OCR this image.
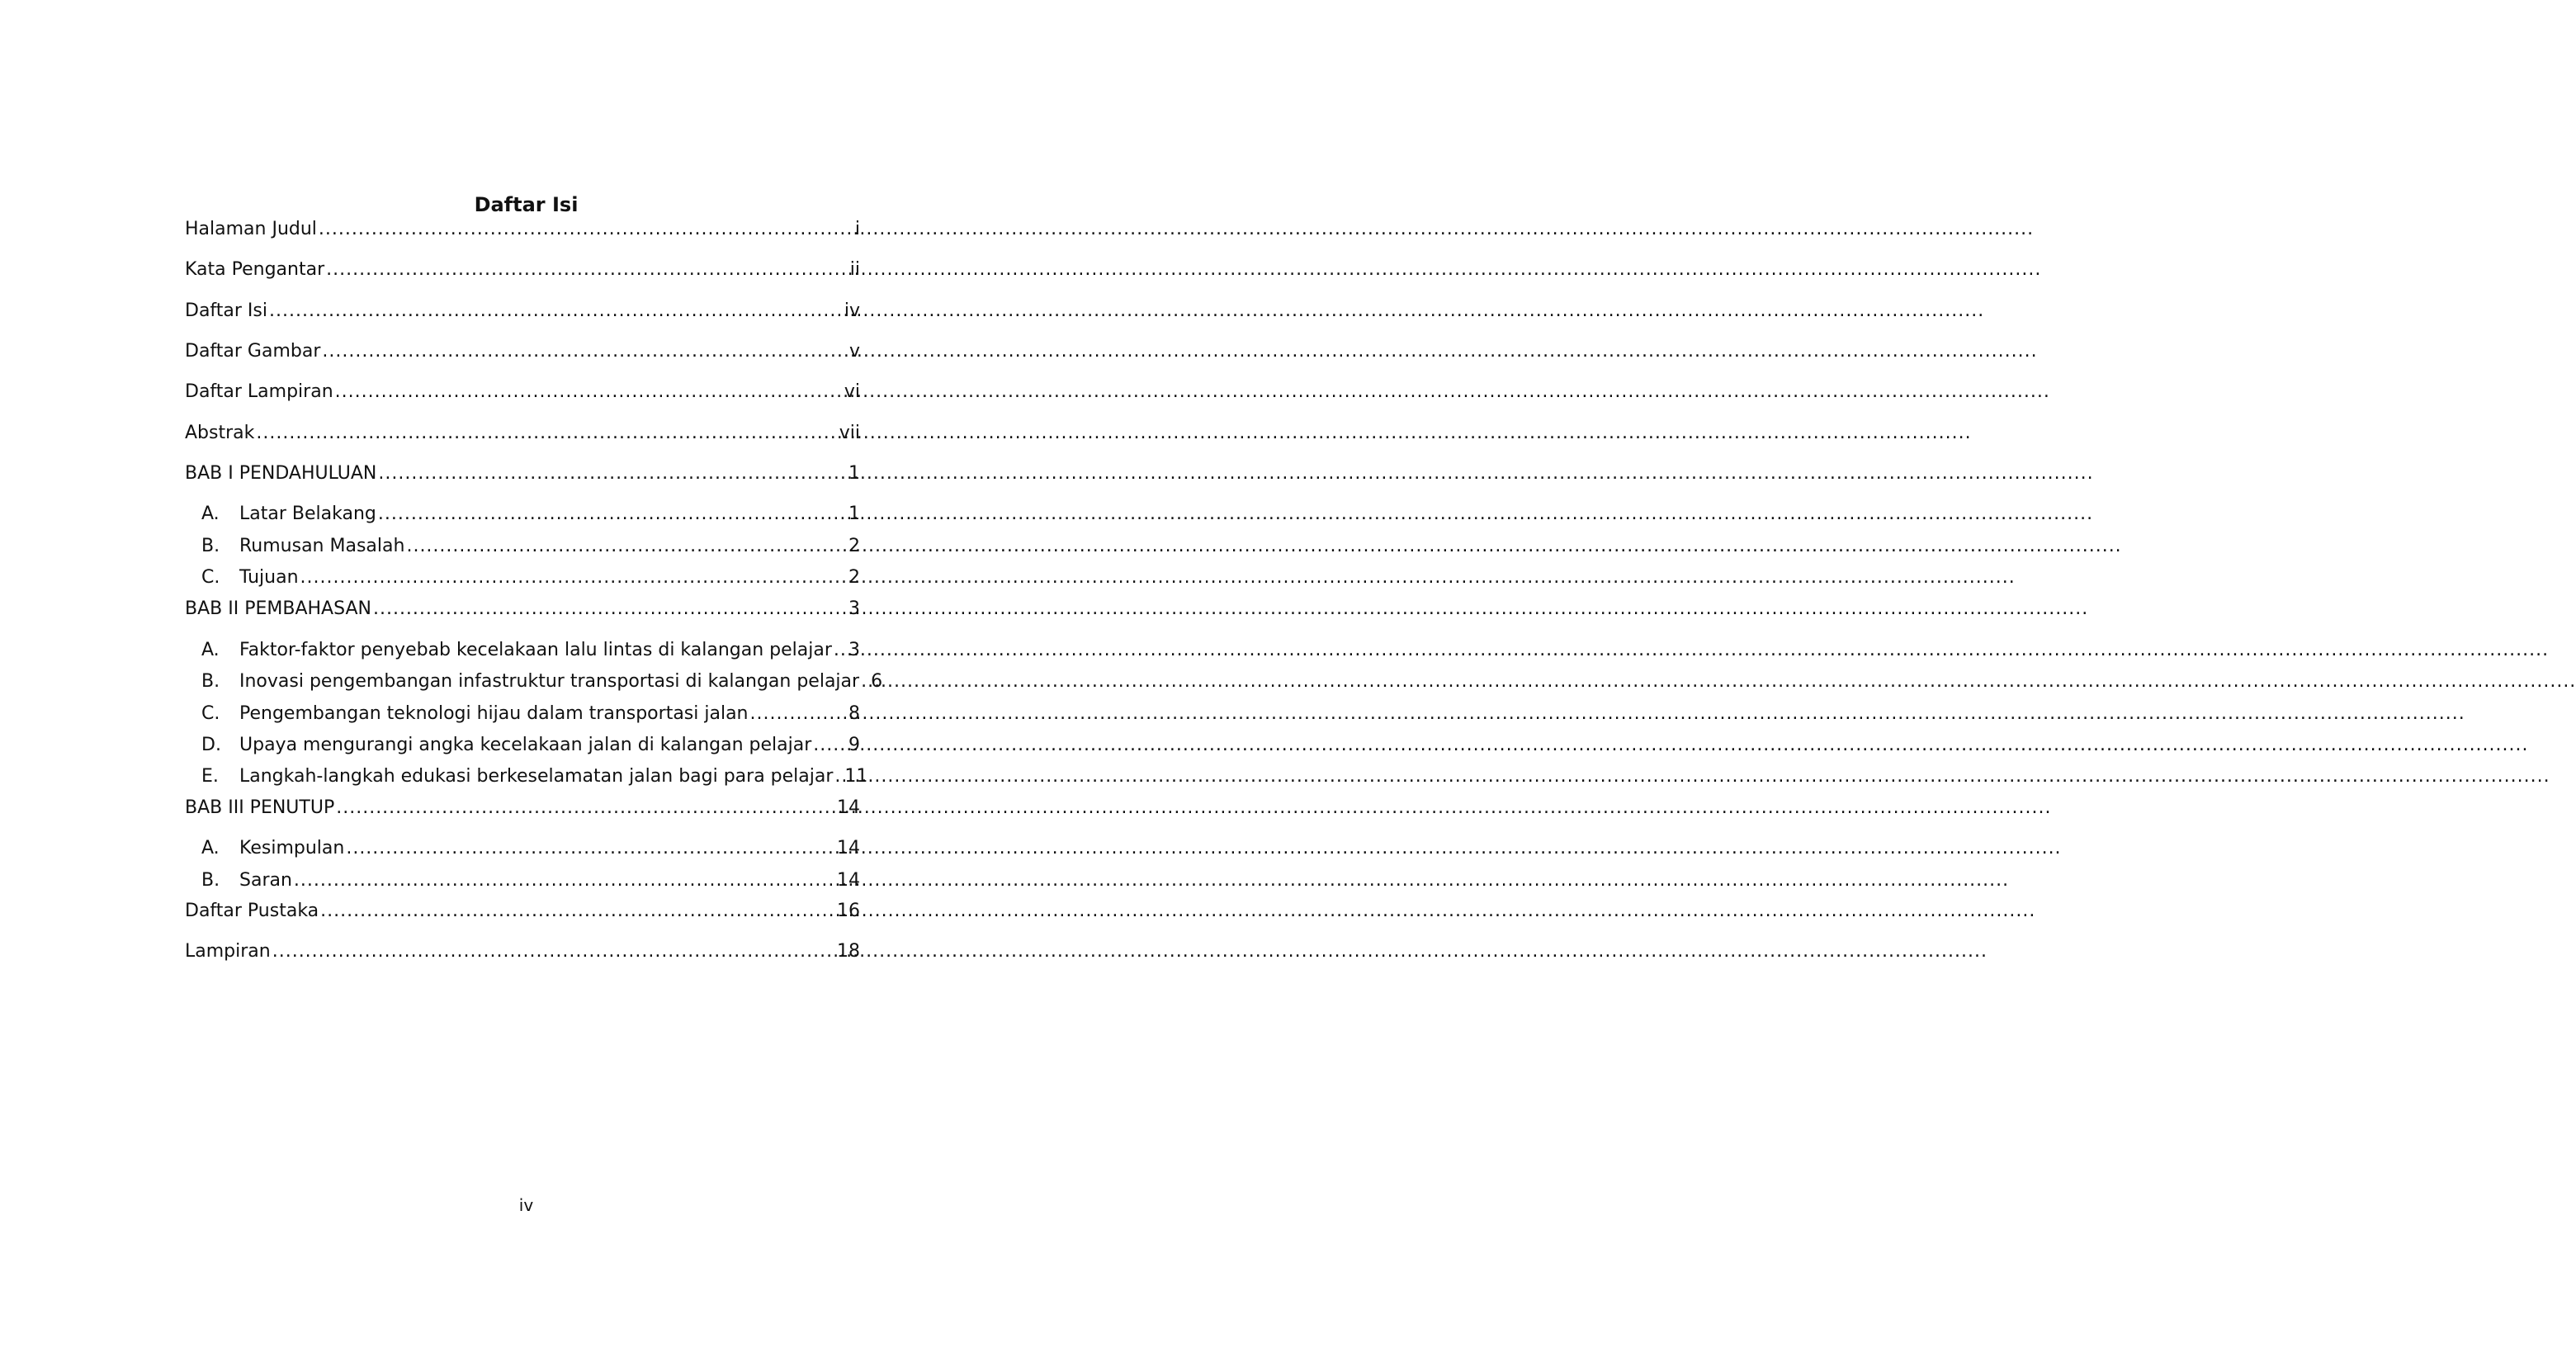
Daftar Isi
Halaman Judul .....	i
Kata Pengantar .....	ii
Daftar Isi .....	iv
Daftar Gambar .....	v
Daftar Lampiran .....	vi
Abstrak .....	vii
BAB I PENDAHULUAN .....	1
A.	Latar Belakang .....	1
B.	Rumusan Masalah .....	2
C.	Tujuan .....	2
BAB II PEMBAHASAN .....	3
A.	Faktor-faktor penyebab kecelakaan lalu lintas di kalangan pelajar ..... 3
B.	Inovasi pengembangan infastruktur transportasi di kalangan pelajar ..... 6
C.	Pengembangan teknologi hijau dalam transportasi jalan .....	8
D.	Upaya mengurangi angka kecelakaan jalan di kalangan pelajar ..... 9
E.	Langkah-langkah edukasi berkeselamatan jalan bagi para pelajar ..... 11
BAB III PENUTUP .....	14
A.	Kesimpulan .....	14
B.	Saran .....	14
Daftar Pustaka .....	16
Lampiran .....	18
iv
